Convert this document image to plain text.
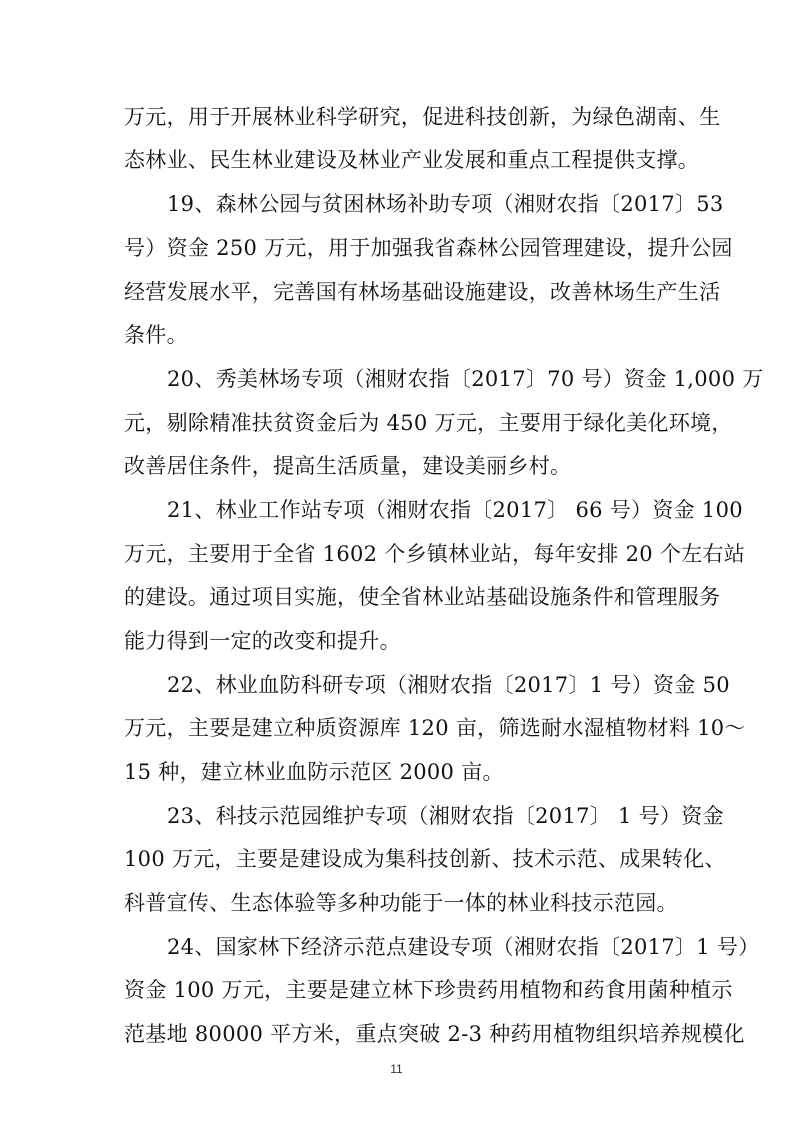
万元，用于开展林业科学研究，促进科技创新，为绿色湖南、生
态林业、民生林业建设及林业产业发展和重点工程提供支撑。
19、森林公园与贫困林场补助专项（湘财农指〔2017〕53
号）资金 250 万元，用于加强我省森林公园管理建设，提升公园
经营发展水平，完善国有林场基础设施建设，改善林场生产生活
条件。
20、秀美林场专项（湘财农指〔2017〕70 号）资金 1,000 万
元，剔除精准扶贫资金后为 450 万元，主要用于绿化美化环境，
改善居住条件，提高生活质量，建设美丽乡村。
21、林业工作站专项（湘财农指〔2017〕 66 号）资金 100
万元，主要用于全省 1602 个乡镇林业站，每年安排 20 个左右站
的建设。通过项目实施，使全省林业站基础设施条件和管理服务
能力得到一定的改变和提升。
22、林业血防科研专项（湘财农指〔2017〕1 号）资金 50
万元，主要是建立种质资源库 120 亩，筛选耐水湿植物材料 10～
15 种，建立林业血防示范区 2000 亩。
23、科技示范园维护专项（湘财农指〔2017〕 1 号）资金
100 万元，主要是建设成为集科技创新、技术示范、成果转化、
科普宣传、生态体验等多种功能于一体的林业科技示范园。
24、国家林下经济示范点建设专项（湘财农指〔2017〕1 号）
资金 100 万元，主要是建立林下珍贵药用植物和药食用菌种植示
范基地 80000 平方米，重点突破 2-3 种药用植物组织培养规模化
11
